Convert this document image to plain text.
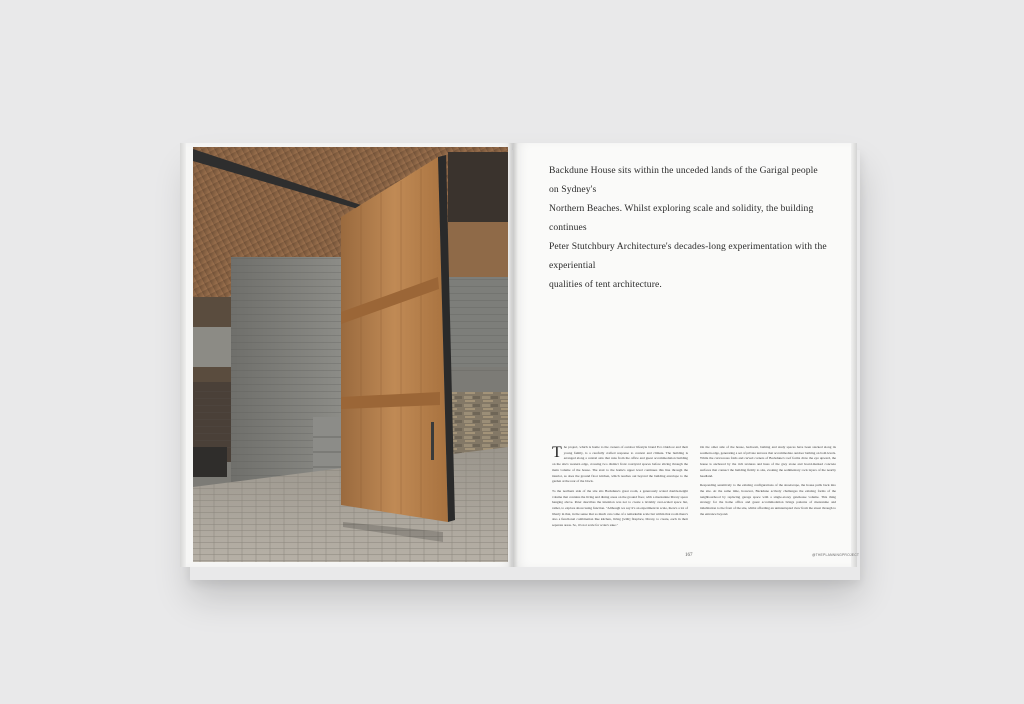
Backdune House sits within the unceded lands of the Garigal people on Sydney's

Northern Beaches. Whilst exploring scale and solidity, the building continues

Peter Stutchbury Architecture's decades-long experimentation with the experiential

qualities of tent architecture.

The project, which is home to the owners of outdoor lifestyle brand Eco Outdoor and their young family, is a carefully crafted response to context and climate. The building is arranged along a central axis that runs from the office and guest accommodation building on the site's western edge, crossing two distinct front courtyard spaces before slicing through the main volume of the house. The stair to the home's upper level continues this line through the interior, as does the ground floor kitchen, which reaches out beyond the building envelope to the garden at the rear of the block.

To the northern side of the site sits Backdune's great room, a generously scaled double-height volume that contains the living and dining areas on the ground floor, with a mezzanine library space hanging above. Peter describes the intention was not to create a lavishly over-scaled space but, rather, to explore showcasing function. "Although we say it's an experiment in scale, there's a lot of liberty in that, in the sense that so much can come of a remarkable scale but within that room there's also a functional combination like kitchen, living [with] fireplace, library, to create, each in their separate areas. So, it's not scale for scale's sake."

On the other side of the house, bedroom, bathing and study spaces have been stacked along its southern edge, generating a set of private terraces that accommodate outdoor bathing on both levels. While the curvaceous folds and carved corners of Backdune's roof forms draw the eye upward, the house is anchored by the rich textures and hues of the grey stone and board-marked concrete surfaces that connect the building firmly to site, evoking the sedimentary rock layers of the nearby headland.

Responding sensitively to the existing configurations of the streetscape, the house pulls back into the site. At the same time, however, Backdune actively challenges the existing forms of the neighbourhood by replacing garage space with a single-storey gatehouse volume. This thing strategy for the home office and guest accommodation brings patterns of mezzanine and inhabitation to the front of the site, whilst affording an uninterrupted view from the street through to the entrance beyond.

167	@THEPLANNINGPROJECT
